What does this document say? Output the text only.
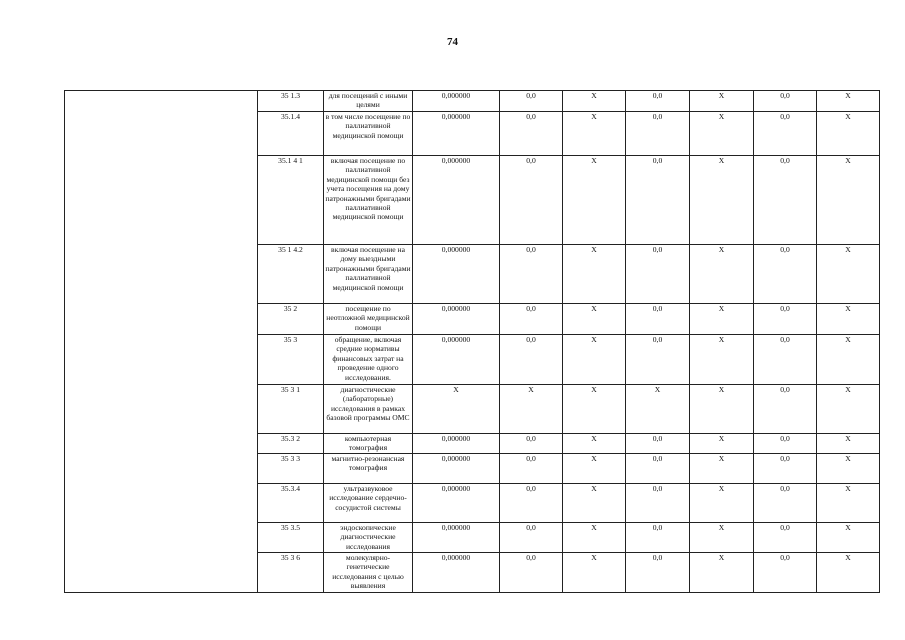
74
	35 1.3	для посещений с иными целями	0,000000	0,0	X	0,0	X	0,0	X
	35.1.4	в том числе посещение по паллиативной медицинской помощи	0,000000	0,0	X	0,0	X	0,0	X
	35.1 4 1	включая посещение по паллиативной медицинской помощи без учета посещения на дому патронажными бригадами паллиативной медицинской помощи	0,000000	0,0	X	0,0	X	0,0	X
	35 1 4.2	включая посещение на дому выездными патронажными бригадами паллиативной медицинской помощи	0,000000	0,0	X	0,0	X	0,0	X
	35 2	посещение по неотложной медицинской помощи	0,000000	0,0	X	0,0	X	0,0	X
	35 3	обращение, включая средние нормативы финансовых затрат на проведение одного исследования.	0,000000	0,0	X	0,0	X	0,0	X
	35 3 1	диагностические (лабораторные) исследования в рамках базовой программы ОМС	X	X	X	X	X	0,0	X
	35.3 2	компьютерная томография	0,000000	0,0	X	0,0	X	0,0	X
	35 3 3	магнитно-резонансная томография	0,000000	0,0	X	0,0	X	0,0	X
	35.3.4	ультразвуковое исследование сердечно-сосудистой системы	0,000000	0,0	X	0,0	X	0,0	X
	35 3.5	эндоскопические диагностические исследования	0,000000	0,0	X	0,0	X	0,0	X
	35 3 6	молекулярно-генетические исследования с целью выявления	0,000000	0,0	X	0,0	X	0,0	X
